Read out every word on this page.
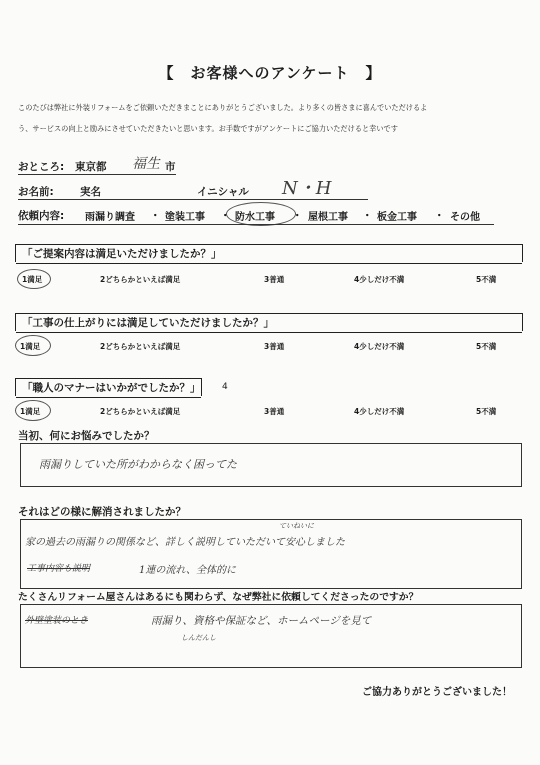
【　お客様へのアンケート　】
このたびは弊社に外装リフォームをご依頼いただきまことにありがとうございました。より多くの皆さまに喜んでいただけるよ
う、サービスの向上と励みにさせていただきたいと思います。お手数ですがアンケートにご協力いただけると幸いです
おところ: 東京都 福生 市
お名前:	実名	イニシャル N・H
依頼内容: 雨漏り調査 ・ 塗装工事 ・ 防水工事 ・ 屋根工事 ・ 板金工事 ・ その他
「ご提案内容は満足いただけましたか？」
1満足	2どちらかといえば満足	3普通	4少しだけ不満	5不満
「工事の仕上がりには満足していただけましたか？」
1満足	2どちらかといえば満足	3普通	4少しだけ不満	5不満
「職人のマナーはいかがでしたか？」 4
1満足	2どちらかといえば満足	3普通	4少しだけ不満	5不満
当初、何にお悩みでしたか？
雨漏りしていた所がわからなく困ってた
それはどの様に解消されましたか？
ていねいに
家の過去の雨漏りの関係など、詳しく説明していただいて安心しました
工事内容も説明	1連の流れ、全体的に
たくさんリフォーム屋さんはあるにも関わらず、なぜ弊社に依頼してくださったのですか？
外壁塗装のとき	雨漏り、資格や保証など、ホームページを見て
しんだんし
ご協力ありがとうございました！
